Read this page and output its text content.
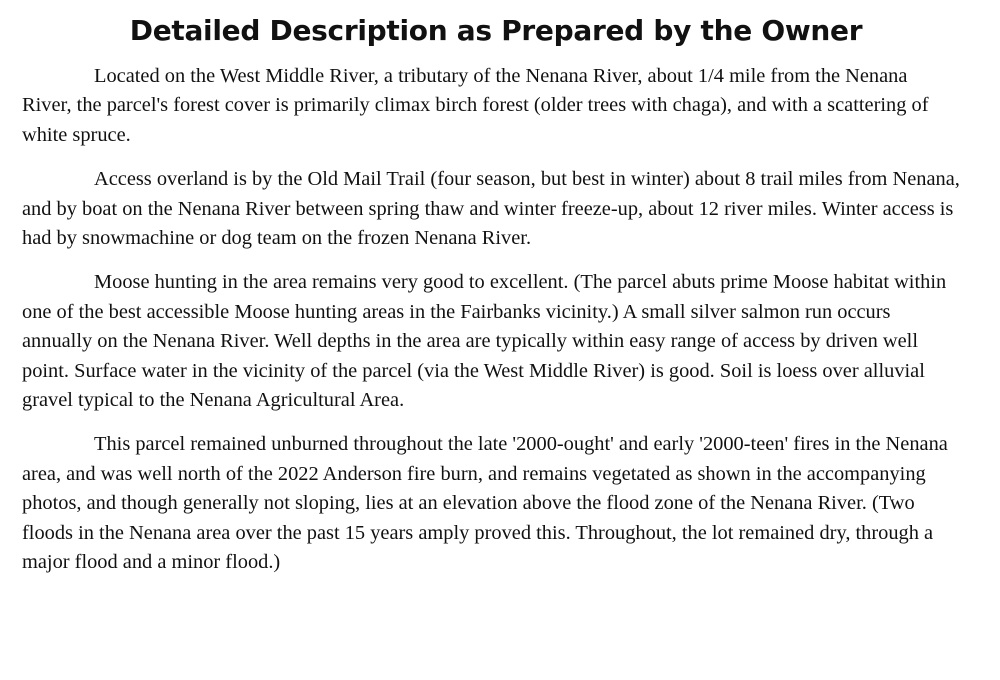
Detailed Description as Prepared by the Owner

Located on the West Middle River, a tributary of the Nenana River, about 1/4 mile from the Nenana River, the parcel's forest cover is primarily climax birch forest (older trees with chaga), and with a scattering of white spruce.

Access overland is by the Old Mail Trail (four season, but best in winter) about 8 trail miles from Nenana, and by boat on the Nenana River between spring thaw and winter freeze-up, about 12 river miles. Winter access is had by snowmachine or dog team on the frozen Nenana River.

Moose hunting in the area remains very good to excellent. (The parcel abuts prime Moose habitat within one of the best accessible Moose hunting areas in the Fairbanks vicinity.) A small silver salmon run occurs annually on the Nenana River. Well depths in the area are typically within easy range of access by driven well point. Surface water in the vicinity of the parcel (via the West Middle River) is good. Soil is loess over alluvial gravel typical to the Nenana Agricultural Area.

This parcel remained unburned throughout the late '2000-ought' and early '2000-teen' fires in the Nenana area, and was well north of the 2022 Anderson fire burn, and remains vegetated as shown in the accompanying photos, and though generally not sloping, lies at an elevation above the flood zone of the Nenana River. (Two floods in the Nenana area over the past 15 years amply proved this. Throughout, the lot remained dry, through a major flood and a minor flood.)
